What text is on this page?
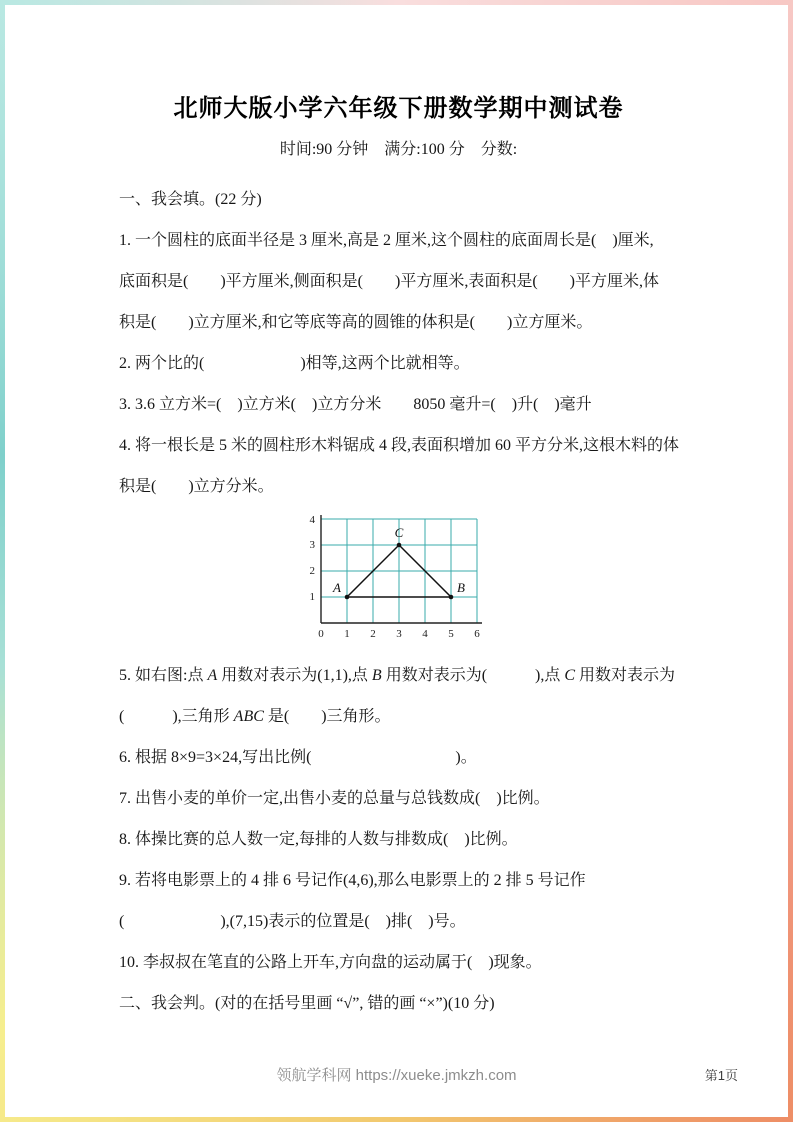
北师大版小学六年级下册数学期中测试卷
时间:90 分钟　满分:100 分　分数:
一、我会填。(22 分)
1. 一个圆柱的底面半径是 3 厘米,高是 2 厘米,这个圆柱的底面周长是(　)厘米,
底面积是(　　)平方厘米,侧面积是(　　)平方厘米,表面积是(　　)平方厘米,体
积是(　　)立方厘米,和它等底等高的圆锥的体积是(　　)立方厘米。
2. 两个比的(　　　　　　)相等,这两个比就相等。
3. 3.6 立方米=(　)立方米(　)立方分米　　8050 毫升=(　)升(　)毫升
4. 将一根长是 5 米的圆柱形木料锯成 4 段,表面积增加 60 平方分米,这根木料的体
积是(　　)立方分米。
A
C
B
1
2
3
4
0 1 2 3 4 5 6
5. 如右图:点 A 用数对表示为(1,1),点 B 用数对表示为(　　　),点 C 用数对表示为
(　　　),三角形 ABC 是(　　)三角形。
6. 根据 8×9=3×24,写出比例(　　　　　　　　　)。
7. 出售小麦的单价一定,出售小麦的总量与总钱数成(　)比例。
8. 体操比赛的总人数一定,每排的人数与排数成(　)比例。
9. 若将电影票上的 4 排 6 号记作(4,6),那么电影票上的 2 排 5 号记作
(　　　　　　),(7,15)表示的位置是(　)排(　)号。
10. 李叔叔在笔直的公路上开车,方向盘的运动属于(　)现象。
二、我会判。(对的在括号里画 “√”, 错的画 “×”)(10 分)
领航学科网 https://xueke.jmkzh.com	第1页
